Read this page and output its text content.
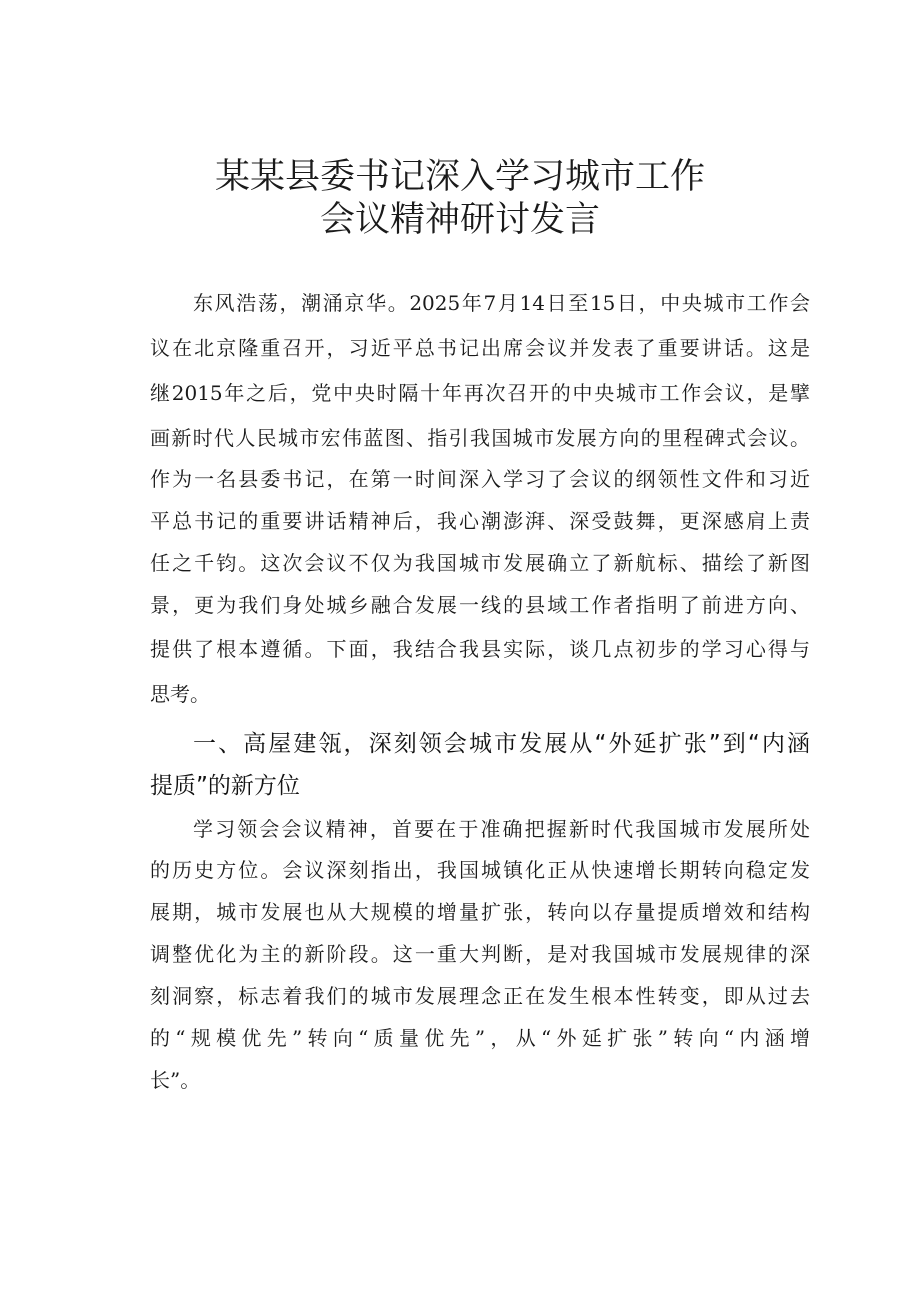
某某县委书记深入学习城市工作
会议精神研讨发言
东风浩荡，潮涌京华。2025年7月14日至15日，中央城市工作会
议在北京隆重召开，习近平总书记出席会议并发表了重要讲话。这是
继2015年之后，党中央时隔十年再次召开的中央城市工作会议，是擘
画新时代人民城市宏伟蓝图、指引我国城市发展方向的里程碑式会议。
作为一名县委书记，在第一时间深入学习了会议的纲领性文件和习近
平总书记的重要讲话精神后，我心潮澎湃、深受鼓舞，更深感肩上责
任之千钧。这次会议不仅为我国城市发展确立了新航标、描绘了新图
景，更为我们身处城乡融合发展一线的县域工作者指明了前进方向、
提供了根本遵循。下面，我结合我县实际，谈几点初步的学习心得与
思考。
一、高屋建瓴，深刻领会城市发展从“外延扩张”到“内涵
提质”的新方位
学习领会会议精神，首要在于准确把握新时代我国城市发展所处
的历史方位。会议深刻指出，我国城镇化正从快速增长期转向稳定发
展期，城市发展也从大规模的增量扩张，转向以存量提质增效和结构
调整优化为主的新阶段。这一重大判断，是对我国城市发展规律的深
刻洞察，标志着我们的城市发展理念正在发生根本性转变，即从过去
的“规模优先”转向“质量优先”，从“外延扩张”转向“内涵增
长”。
